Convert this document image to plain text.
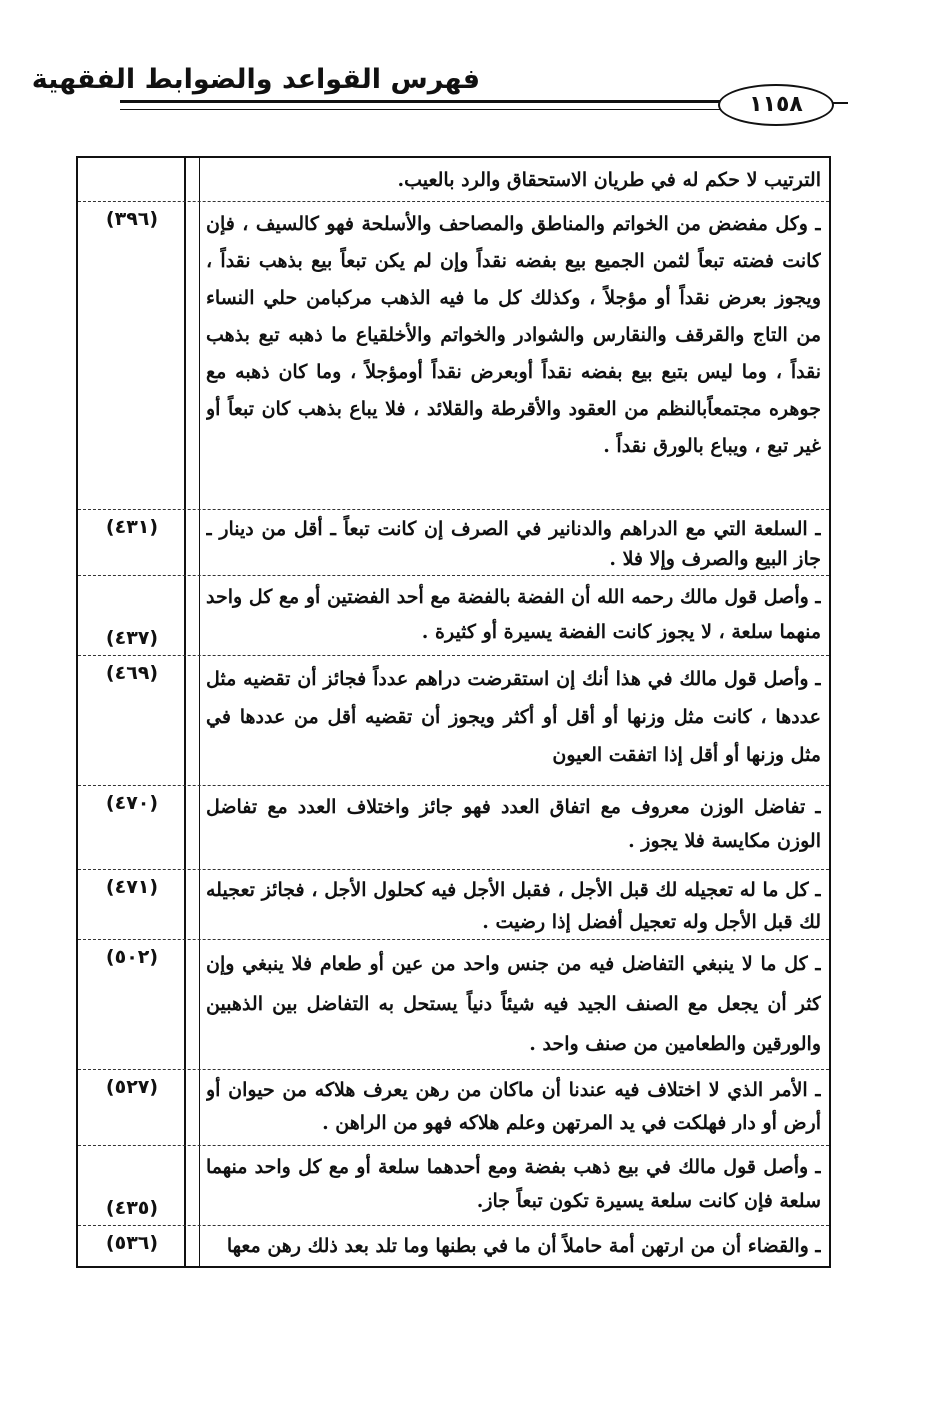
فهرس القواعد والضوابط الفقهية
١١٥٨
الترتيب لا حكم له في طريان الاستحقاق والرد بالعيب.
ـ وكل مفضض من الخواتم والمناطق والمصاحف والأسلحة فهو كالسيف ، فإن كانت فضته تبعاً لثمن الجميع بيع بفضه نقداً وإن لم يكن تبعاً بيع بذهب نقداً ، ويجوز بعرض نقداً أو مؤجلاً ، وكذلك كل ما فيه الذهب مركبامن حلي النساء من التاج والقرقف والنقارس والشوادر والخواتم والأخلقياع ما ذهبه تبع بذهب نقداً ، وما ليس بتبع بيع بفضه نقداً أوبعرض نقداً أومؤجلاً ، وما كان ذهبه مع جوهره مجتمعاًبالنظم من العقود والأقرطة والقلائد ، فلا يباع بذهب كان تبعاً أو غير تبع ، ويباع بالورق نقداً .
(٣٩٦)
ـ السلعة التي مع الدراهم والدنانير في الصرف إن كانت تبعاً ـ أقل من دينار ـ جاز البيع والصرف وإلا فلا .
(٤٣١)
ـ وأصل قول مالك رحمه الله أن الفضة بالفضة مع أحد الفضتين أو مع كل واحد منهما سلعة ، لا يجوز كانت الفضة يسيرة أو كثيرة .
(٤٣٧)
ـ وأصل قول مالك في هذا أنك إن استقرضت دراهم عدداً فجائز أن تقضيه مثل عددها ، كانت مثل وزنها أو أقل أو أكثر ويجوز أن تقضيه أقل من عددها في مثل وزنها أو أقل إذا اتفقت العيون
(٤٦٩)
ـ تفاضل الوزن معروف مع اتفاق العدد فهو جائز واختلاف العدد مع تفاضل الوزن مكايسة فلا يجوز .
(٤٧٠)
ـ كل ما له تعجيله لك قبل الأجل ، فقبل الأجل فيه كحلول الأجل ، فجائز تعجيله لك قبل الأجل وله تعجيل أفضل إذا رضيت .
(٤٧١)
ـ كل ما لا ينبغي التفاضل فيه من جنس واحد من عين أو طعام فلا ينبغي وإن كثر أن يجعل مع الصنف الجيد فيه شيئاً دنياً يستحل به التفاضل بين الذهبين والورقين والطعامين من صنف واحد .
(٥٠٢)
ـ الأمر الذي لا اختلاف فيه عندنا أن ماكان من رهن يعرف هلاكه من حيوان أو أرض أو دار فهلكت في يد المرتهن وعلم هلاكه فهو من الراهن .
(٥٢٧)
ـ وأصل قول مالك في بيع ذهب بفضة ومع أحدهما سلعة أو مع كل واحد منهما سلعة فإن كانت سلعة يسيرة تكون تبعاً جاز.
(٤٣٥)
ـ والقضاء أن من ارتهن أمة حاملاً أن ما في بطنها وما تلد بعد ذلك رهن معها
(٥٣٦)
